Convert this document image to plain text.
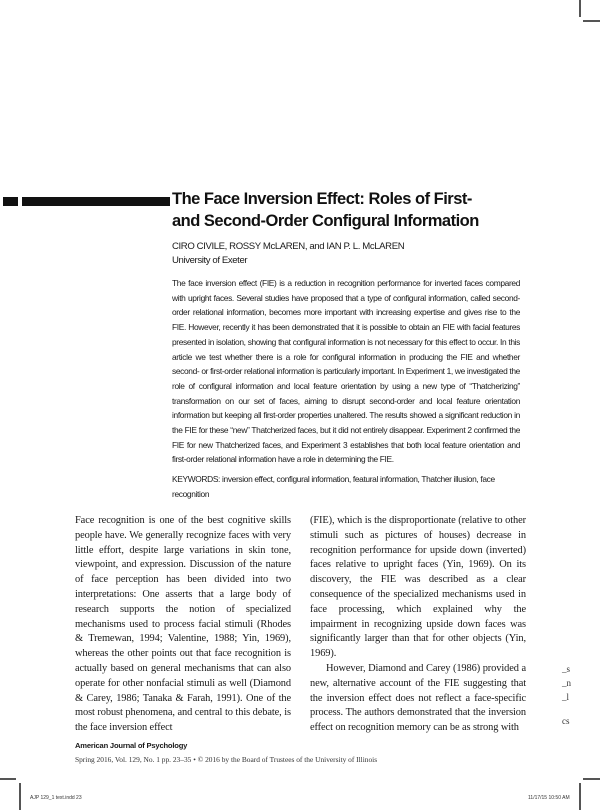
The Face Inversion Effect: Roles of First-
and Second-Order Configural Information
CIRO CIVILE, ROSSY McLAREN, and IAN P. L. McLAREN
University of Exeter

The face inversion effect (FIE) is a reduction in recognition performance for inverted faces compared with upright faces. Several studies have proposed that a type of configural information, called second-order relational information, becomes more important with increasing expertise and gives rise to the FIE. However, recently it has been demonstrated that it is possible to obtain an FIE with facial features presented in isolation, showing that configural information is not necessary for this effect to occur. In this article we test whether there is a role for configural information in producing the FIE and whether second- or first-order relational information is particularly important. In Experiment 1, we investigated the role of configural information and local feature orientation by using a new type of “Thatcherizing” transformation on our set of faces, aiming to disrupt second-order and local feature orientation information but keeping all first-order properties unaltered. The results showed a significant reduction in the FIE for these “new” Thatcherized faces, but it did not entirely disappear. Experiment 2 confirmed the FIE for new Thatcherized faces, and Experiment 3 establishes that both local feature orientation and first-order relational information have a role in determining the FIE.

KEYWORDS: inversion effect, configural information, featural information, Thatcher illusion, face recognition

Face recognition is one of the best cognitive skills people have. We generally recognize faces with very little effort, despite large variations in skin tone, viewpoint, and expression. Discussion of the nature of face perception has been divided into two interpretations: One asserts that a large body of research supports the notion of specialized mechanisms used to process facial stimuli (Rhodes & Tremewan, 1994; Valentine, 1988; Yin, 1969), whereas the other points out that face recognition is actually based on general mechanisms that can also operate for other nonfacial stimuli as well (Diamond & Carey, 1986; Tanaka & Farah, 1991). One of the most robust phenomena, and central to this debate, is the face inversion effect

(FIE), which is the disproportionate (relative to other stimuli such as pictures of houses) decrease in recognition performance for upside down (inverted) faces relative to upright faces (Yin, 1969). On its discovery, the FIE was described as a clear consequence of the specialized mechanisms used in face processing, which explained why the impairment in recognizing upside down faces was significantly larger than that for other objects (Yin, 1969).

However, Diamond and Carey (1986) provided a new, alternative account of the FIE suggesting that the inversion effect does not reflect a face-specific process. The authors demonstrated that the inversion effect on recognition memory can be as strong with

_s
_n
_l
cs
American Journal of Psychology
Spring 2016, Vol. 129, No. 1 pp. 23–35 • © 2016 by the Board of Trustees of the University of Illinois
AJP 129_1 text.indd 23	11/17/15 10:50 AM
